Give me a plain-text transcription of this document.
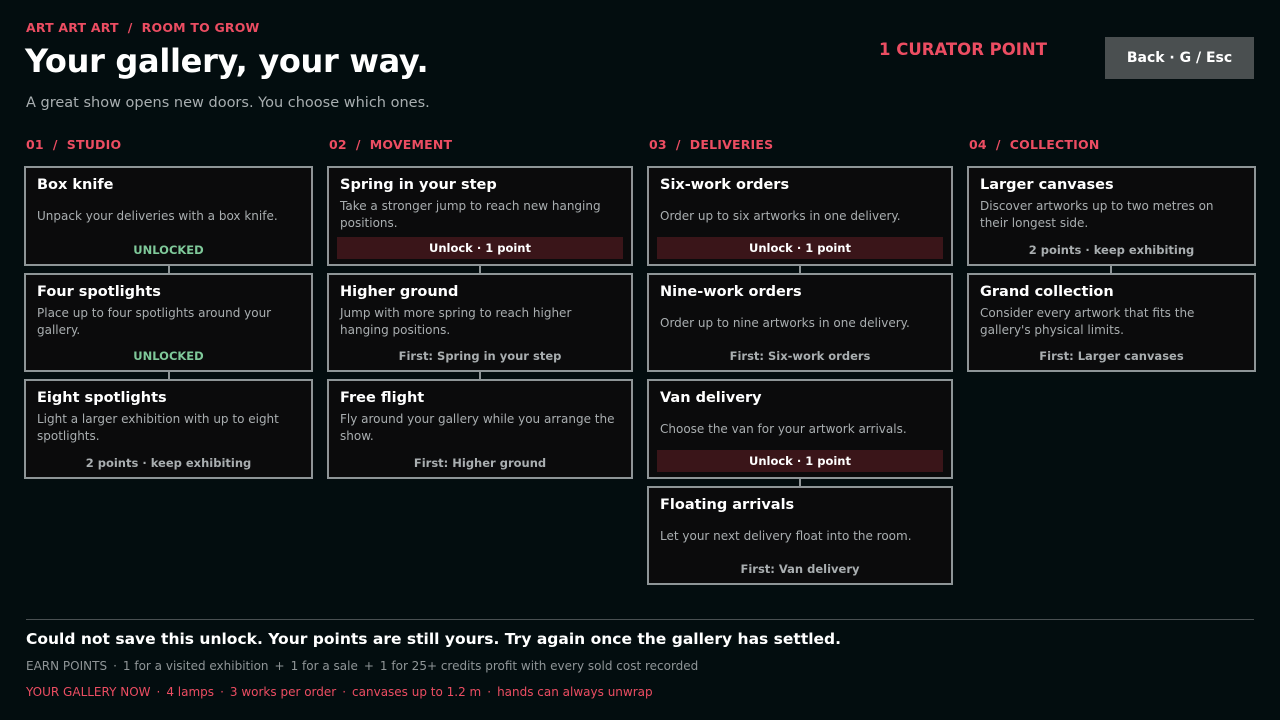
ART ART ART  /  ROOM TO GROW
Your gallery, your way.
A great show opens new doors. You choose which ones.
1 CURATOR POINT	Back · G / Esc
01  /  STUDIO	02  /  MOVEMENT	03  /  DELIVERIES	04  /  COLLECTION
Box knife
Unpack your deliveries with a box knife.
UNLOCKED
Four spotlights
Place up to four spotlights around your gallery.
UNLOCKED
Eight spotlights
Light a larger exhibition with up to eight spotlights.
2 points · keep exhibiting
Spring in your step
Take a stronger jump to reach new hanging positions.
Unlock · 1 point
Higher ground
Jump with more spring to reach higher hanging positions.
First: Spring in your step
Free flight
Fly around your gallery while you arrange the show.
First: Higher ground
Six-work orders
Order up to six artworks in one delivery.
Unlock · 1 point
Nine-work orders
Order up to nine artworks in one delivery.
First: Six-work orders
Van delivery
Choose the van for your artwork arrivals.
Unlock · 1 point
Floating arrivals
Let your next delivery float into the room.
First: Van delivery
Larger canvases
Discover artworks up to two metres on their longest side.
2 points · keep exhibiting
Grand collection
Consider every artwork that fits the gallery's physical limits.
First: Larger canvases
Could not save this unlock. Your points are still yours. Try again once the gallery has settled.
EARN POINTS · 1 for a visited exhibition + 1 for a sale + 1 for 25+ credits profit with every sold cost recorded
YOUR GALLERY NOW · 4 lamps · 3 works per order · canvases up to 1.2 m · hands can always unwrap
